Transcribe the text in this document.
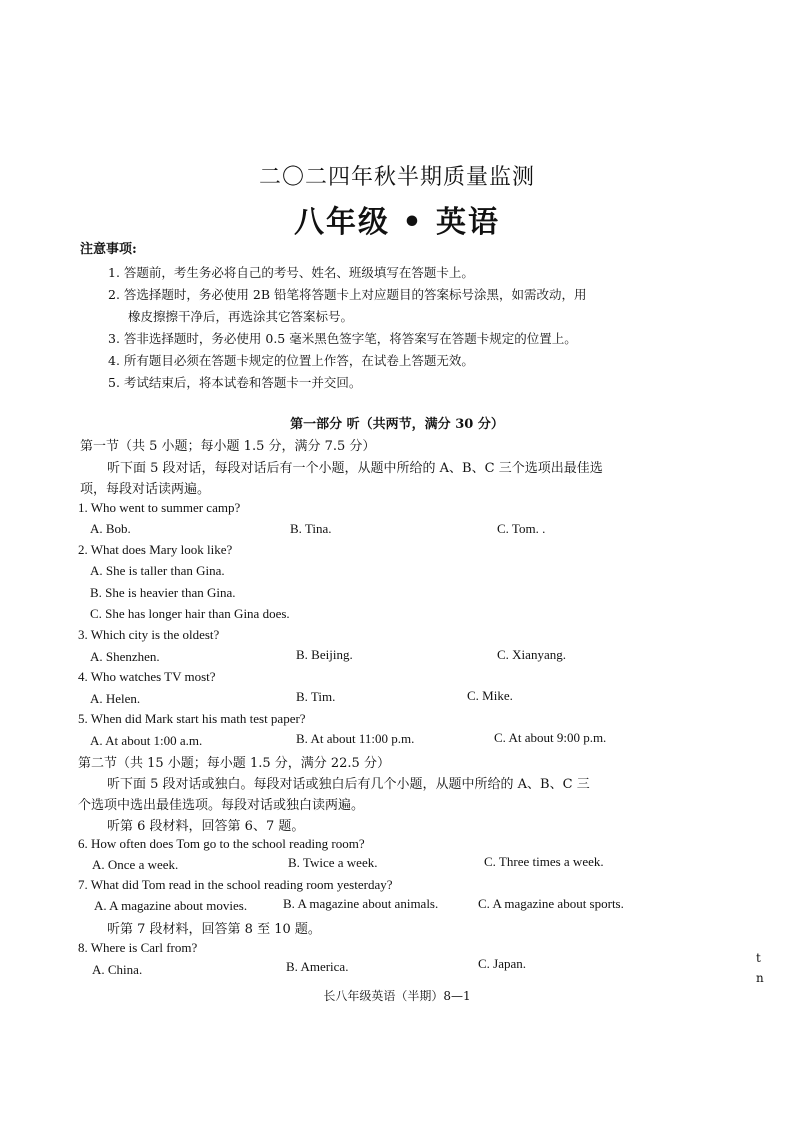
二〇二四年秋半期质量监测
八年级 • 英语
注意事项:
1. 答题前，考生务必将自己的考号、姓名、班级填写在答题卡上。
2. 答选择题时，务必使用 2B 铅笔将答题卡上对应题目的答案标号涂黑，如需改动，用
橡皮擦擦干净后，再选涂其它答案标号。
3. 答非选择题时，务必使用 0.5 毫米黑色签字笔，将答案写在答题卡规定的位置上。
4. 所有题目必须在答题卡规定的位置上作答，在试卷上答题无效。
5. 考试结束后，将本试卷和答题卡一并交回。
第一部分 听（共两节，满分 30 分）
第一节（共 5 小题；每小题 1.5 分，满分 7.5 分）
听下面 5 段对话，每段对话后有一个小题，从题中所给的 A、B、C 三个选项出最佳选
项，每段对话读两遍。
1. Who went to summer camp?
A. Bob.	B. Tina.	C. Tom. .
2. What does Mary look like?
A. She is taller than Gina.
B. She is heavier than Gina.
C. She has longer hair than Gina does.
3. Which city is the oldest?
A. Shenzhen.	B. Beijing.	C. Xianyang.
4. Who watches TV most?
A. Helen.	B. Tim.	C. Mike.
5. When did Mark start his math test paper?
A. At about 1:00 a.m.	B. At about 11:00 p.m.	C. At about 9:00 p.m.
第二节（共 15 小题；每小题 1.5 分，满分 22.5 分）
听下面 5 段对话或独白。每段对话或独白后有几个小题，从题中所给的 A、B、C 三
个选项中选出最佳选项。每段对话或独白读两遍。
听第 6 段材料，回答第 6、7 题。
6. How often does Tom go to the school reading room?
A. Once a week.	B. Twice a week.	C. Three times a week.
7. What did Tom read in the school reading room yesterday?
A. A magazine about movies.	B. A magazine about animals.	C. A magazine about sports.
听第 7 段材料，回答第 8 至 10 题。
8. Where is Carl from?
A. China.	B. America.	C. Japan.	t
n
长八年级英语（半期）8—1
